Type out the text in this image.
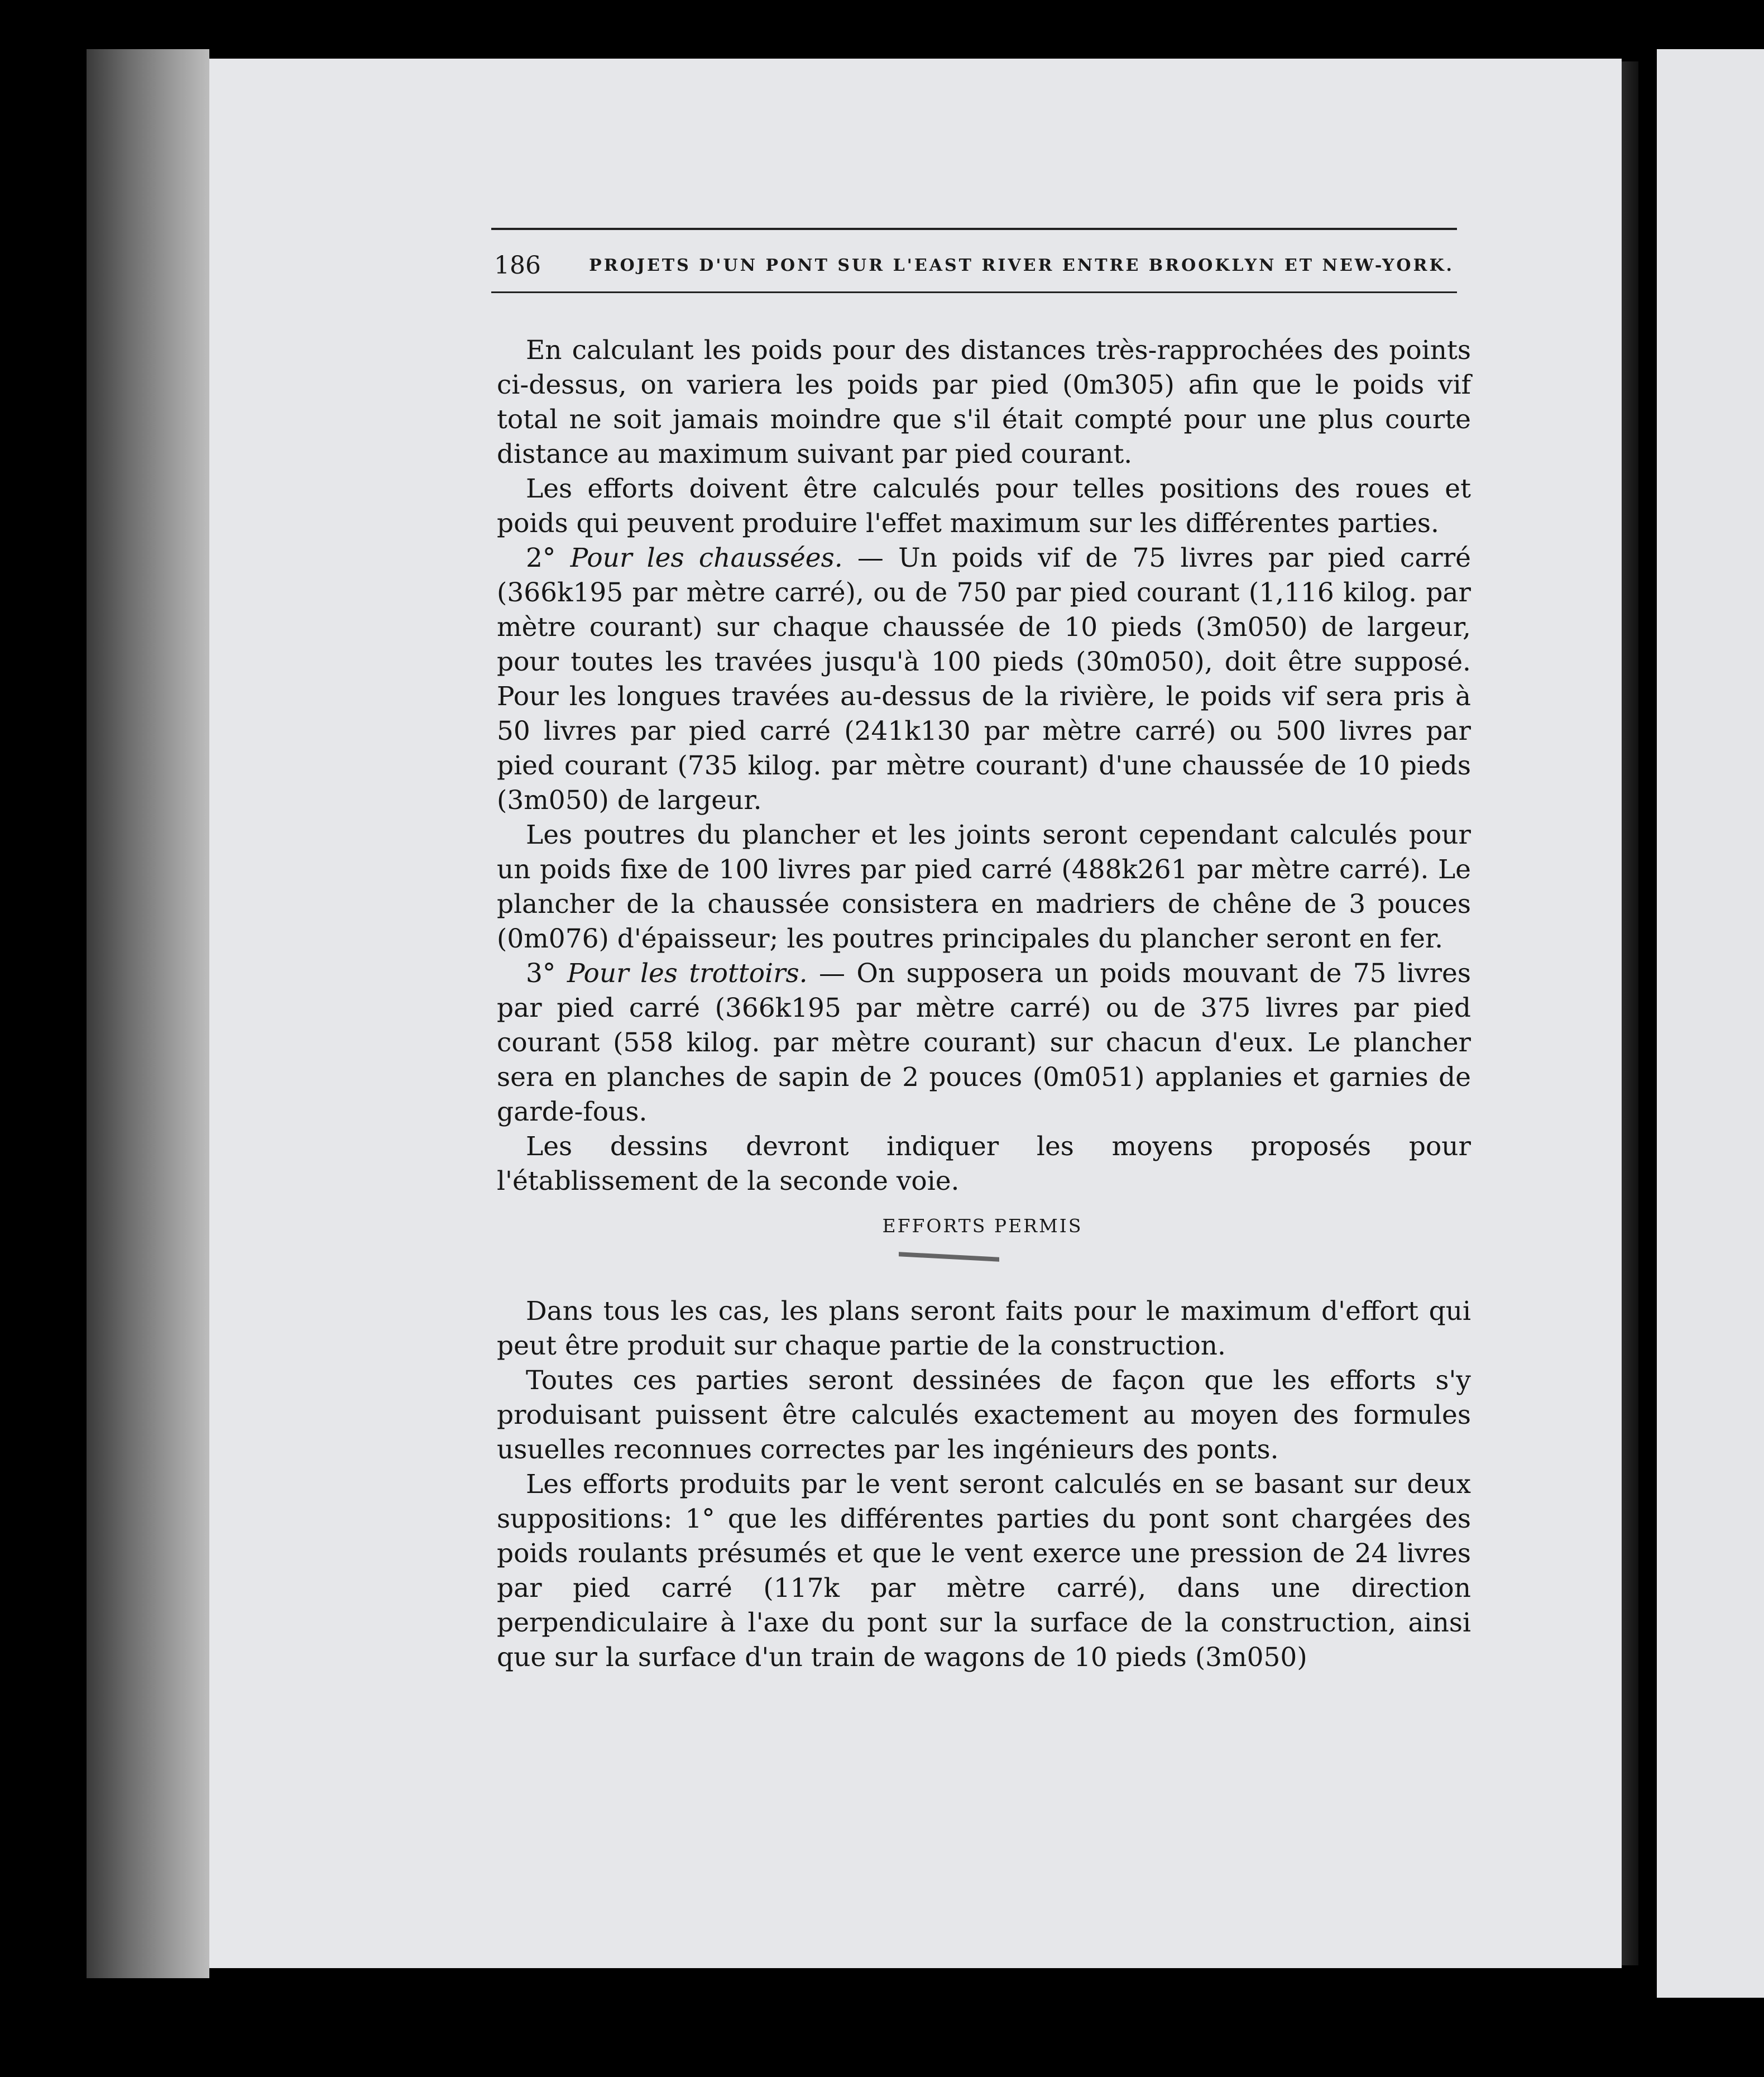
186	PROJETS D'UN PONT SUR L'EAST RIVER ENTRE BROOKLYN ET NEW-YORK.

En calculant les poids pour des distances très-rapprochées des points ci-dessus, on variera les poids par pied (0m305) afin que le poids vif total ne soit jamais moindre que s'il était compté pour une plus courte distance au maximum suivant par pied courant.

Les efforts doivent être calculés pour telles positions des roues et poids qui peuvent produire l'effet maximum sur les différentes parties.

2° Pour les chaussées. — Un poids vif de 75 livres par pied carré (366k195 par mètre carré), ou de 750 par pied courant (1,116 kilog. par mètre courant) sur chaque chaussée de 10 pieds (3m050) de largeur, pour toutes les travées jusqu'à 100 pieds (30m050), doit être supposé. Pour les longues travées au-dessus de la rivière, le poids vif sera pris à 50 livres par pied carré (241k130 par mètre carré) ou 500 livres par pied courant (735 kilog. par mètre courant) d'une chaussée de 10 pieds (3m050) de largeur.

Les poutres du plancher et les joints seront cependant calculés pour un poids fixe de 100 livres par pied carré (488k261 par mètre carré). Le plancher de la chaussée consistera en madriers de chêne de 3 pouces (0m076) d'épaisseur; les poutres principales du plancher seront en fer.

3° Pour les trottoirs. — On supposera un poids mouvant de 75 livres par pied carré (366k195 par mètre carré) ou de 375 livres par pied courant (558 kilog. par mètre courant) sur chacun d'eux. Le plancher sera en planches de sapin de 2 pouces (0m051) applanies et garnies de garde-fous.

Les dessins devront indiquer les moyens proposés pour l'établissement de la seconde voie.

EFFORTS PERMIS

Dans tous les cas, les plans seront faits pour le maximum d'effort qui peut être produit sur chaque partie de la construction.

Toutes ces parties seront dessinées de façon que les efforts s'y produisant puissent être calculés exactement au moyen des formules usuelles reconnues correctes par les ingénieurs des ponts.

Les efforts produits par le vent seront calculés en se basant sur deux suppositions: 1° que les différentes parties du pont sont chargées des poids roulants présumés et que le vent exerce une pression de 24 livres par pied carré (117k par mètre carré), dans une direction perpendiculaire à l'axe du pont sur la surface de la construction, ainsi que sur la surface d'un train de wagons de 10 pieds (3m050)
